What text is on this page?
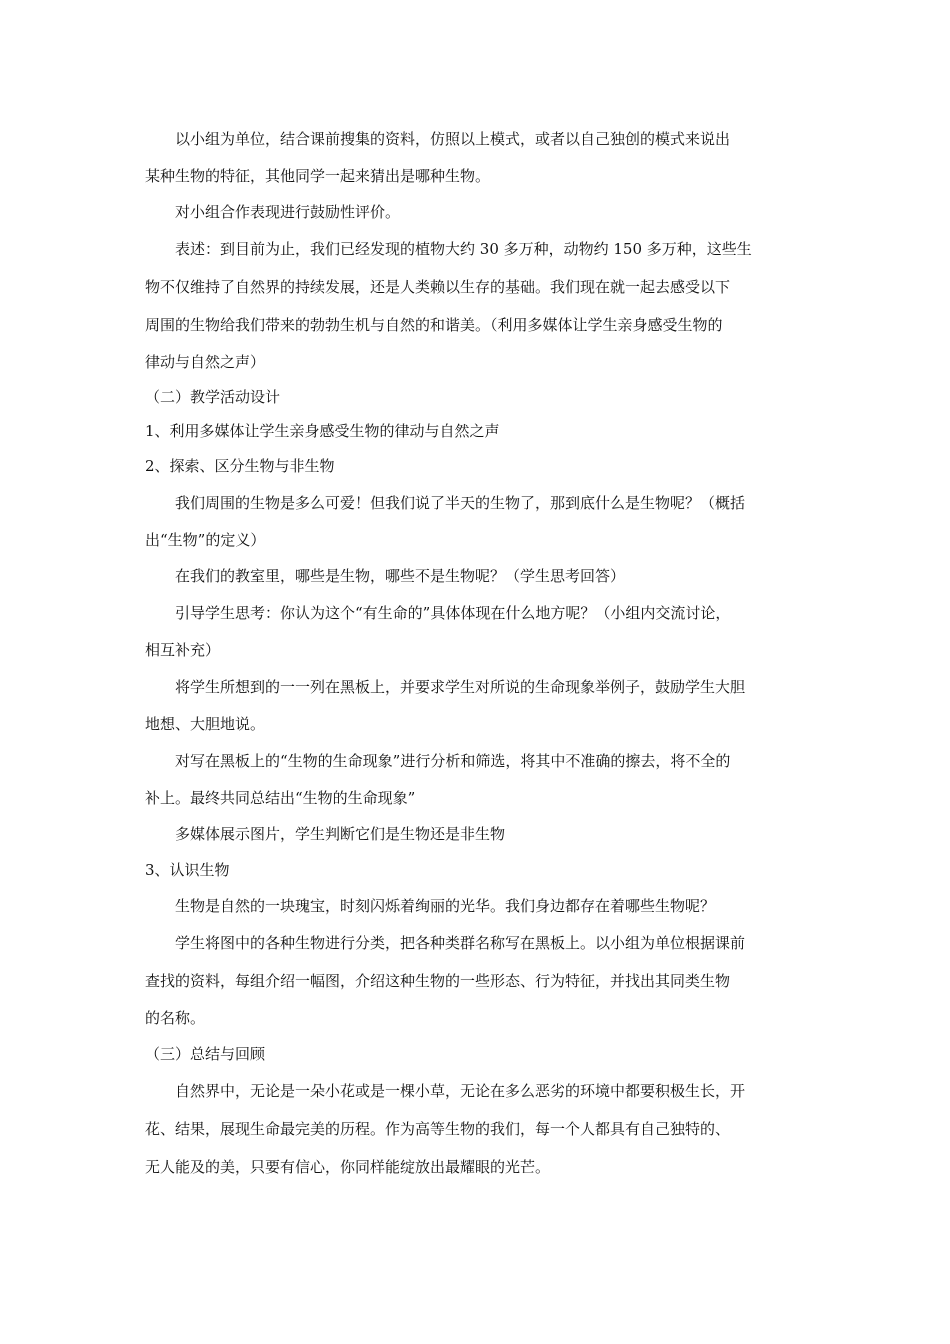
以小组为单位，结合课前搜集的资料，仿照以上模式，或者以自己独创的模式来说出

某种生物的特征，其他同学一起来猜出是哪种生物。

对小组合作表现进行鼓励性评价。

表述：到目前为止，我们已经发现的植物大约 30 多万种，动物约 150 多万种，这些生

物不仅维持了自然界的持续发展，还是人类赖以生存的基础。我们现在就一起去感受以下

周围的生物给我们带来的勃勃生机与自然的和谐美。（利用多媒体让学生亲身感受生物的

律动与自然之声）

（二）教学活动设计

1、利用多媒体让学生亲身感受生物的律动与自然之声

2、探索、区分生物与非生物

我们周围的生物是多么可爱！但我们说了半天的生物了，那到底什么是生物呢？（概括

出“生物”的定义）

在我们的教室里，哪些是生物，哪些不是生物呢？（学生思考回答）

引导学生思考：你认为这个“有生命的”具体体现在什么地方呢？（小组内交流讨论，

相互补充）

将学生所想到的一一列在黑板上，并要求学生对所说的生命现象举例子，鼓励学生大胆

地想、大胆地说。

对写在黑板上的“生物的生命现象”进行分析和筛选，将其中不准确的擦去，将不全的

补上。最终共同总结出“生物的生命现象”

多媒体展示图片，学生判断它们是生物还是非生物

3、认识生物

生物是自然的一块瑰宝，时刻闪烁着绚丽的光华。我们身边都存在着哪些生物呢？

学生将图中的各种生物进行分类，把各种类群名称写在黑板上。以小组为单位根据课前

查找的资料，每组介绍一幅图，介绍这种生物的一些形态、行为特征，并找出其同类生物

的名称。

（三）总结与回顾

自然界中，无论是一朵小花或是一棵小草，无论在多么恶劣的环境中都要积极生长，开

花、结果，展现生命最完美的历程。作为高等生物的我们，每一个人都具有自己独特的、

无人能及的美，只要有信心，你同样能绽放出最耀眼的光芒。
